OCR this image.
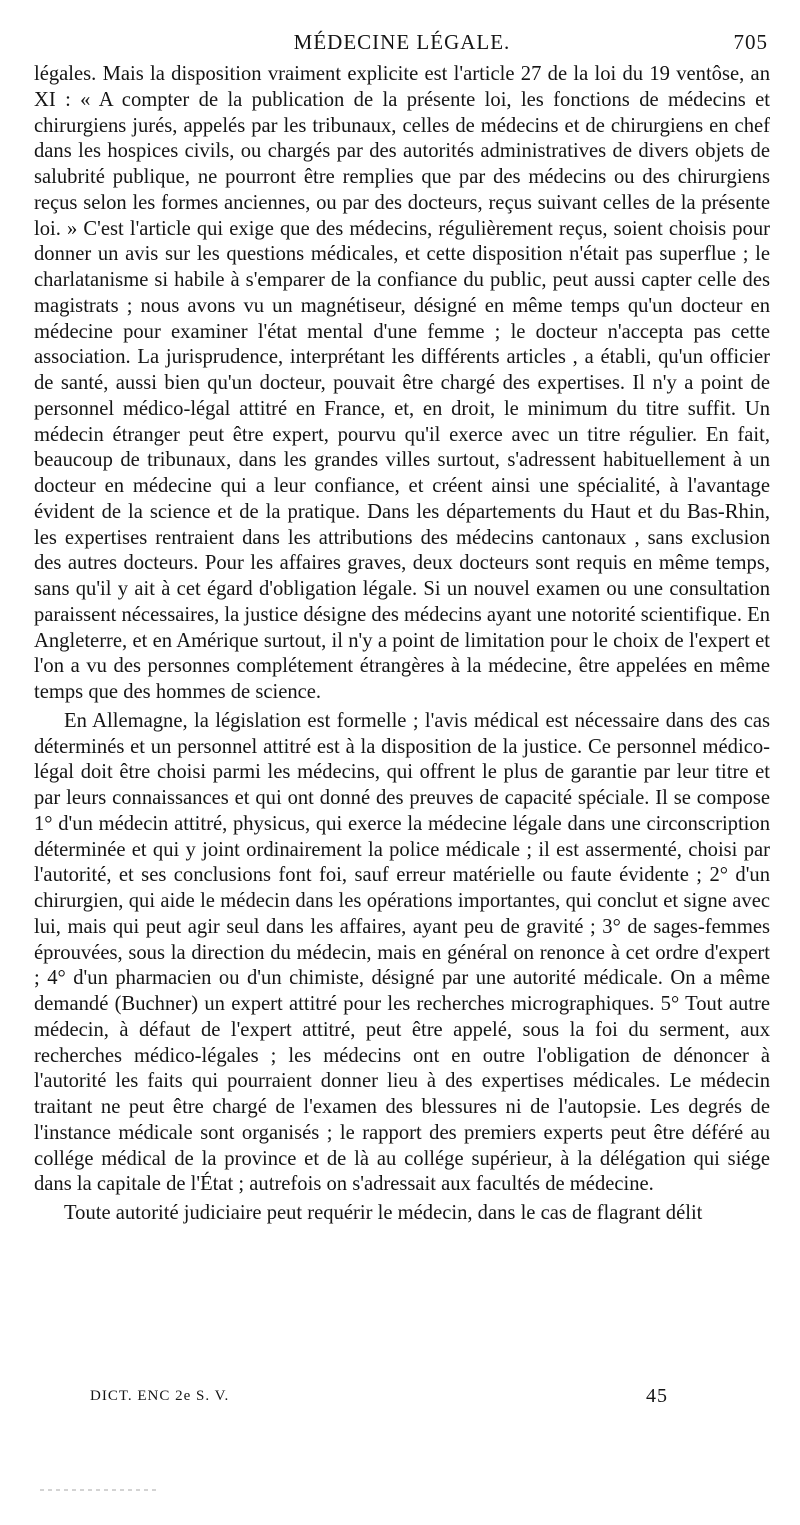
MÉDECINE LÉGALE.	705

légales. Mais la disposition vraiment explicite est l'article 27 de la loi du 19 ventôse, an XI : « A compter de la publication de la présente loi, les fonctions de médecins et chirurgiens jurés, appelés par les tribunaux, celles de médecins et de chirurgiens en chef dans les hospices civils, ou chargés par des autorités administratives de divers objets de salubrité publique, ne pourront être remplies que par des médecins ou des chirurgiens reçus selon les formes anciennes, ou par des docteurs, reçus suivant celles de la présente loi. » C'est l'article qui exige que des médecins, régulièrement reçus, soient choisis pour donner un avis sur les questions médicales, et cette disposition n'était pas superflue ; le charlatanisme si habile à s'emparer de la confiance du public, peut aussi capter celle des magistrats ; nous avons vu un magnétiseur, désigné en même temps qu'un docteur en médecine pour examiner l'état mental d'une femme ; le docteur n'accepta pas cette association. La jurisprudence, interprétant les différents articles , a établi, qu'un officier de santé, aussi bien qu'un docteur, pouvait être chargé des expertises. Il n'y a point de personnel médico-légal attitré en France, et, en droit, le minimum du titre suffit. Un médecin étranger peut être expert, pourvu qu'il exerce avec un titre régulier. En fait, beaucoup de tribunaux, dans les grandes villes surtout, s'adressent habituellement à un docteur en médecine qui a leur confiance, et créent ainsi une spécialité, à l'avantage évident de la science et de la pratique. Dans les départements du Haut et du Bas-Rhin, les expertises rentraient dans les attributions des médecins cantonaux , sans exclusion des autres docteurs. Pour les affaires graves, deux docteurs sont requis en même temps, sans qu'il y ait à cet égard d'obligation légale. Si un nouvel examen ou une consultation paraissent nécessaires, la justice désigne des médecins ayant une notorité scientifique. En Angleterre, et en Amérique surtout, il n'y a point de limitation pour le choix de l'expert et l'on a vu des personnes complétement étrangères à la médecine, être appelées en même temps que des hommes de science.

En Allemagne, la législation est formelle ; l'avis médical est nécessaire dans des cas déterminés et un personnel attitré est à la disposition de la justice. Ce personnel médico-légal doit être choisi parmi les médecins, qui offrent le plus de garantie par leur titre et par leurs connaissances et qui ont donné des preuves de capacité spéciale. Il se compose 1° d'un médecin attitré, physicus, qui exerce la médecine légale dans une circonscription déterminée et qui y joint ordinairement la police médicale ; il est assermenté, choisi par l'autorité, et ses conclusions font foi, sauf erreur matérielle ou faute évidente ; 2° d'un chirurgien, qui aide le médecin dans les opérations importantes, qui conclut et signe avec lui, mais qui peut agir seul dans les affaires, ayant peu de gravité ; 3° de sages-femmes éprouvées, sous la direction du médecin, mais en général on renonce à cet ordre d'expert ; 4° d'un pharmacien ou d'un chimiste, désigné par une autorité médicale. On a même demandé (Buchner) un expert attitré pour les recherches micrographiques. 5° Tout autre médecin, à défaut de l'expert attitré, peut être appelé, sous la foi du serment, aux recherches médico-légales ; les médecins ont en outre l'obligation de dénoncer à l'autorité les faits qui pourraient donner lieu à des expertises médicales. Le médecin traitant ne peut être chargé de l'examen des blessures ni de l'autopsie. Les degrés de l'instance médicale sont organisés ; le rapport des premiers experts peut être déféré au collége médical de la province et de là au collége supérieur, à la délégation qui siége dans la capitale de l'État ; autrefois on s'adressait aux facultés de médecine.

Toute autorité judiciaire peut requérir le médecin, dans le cas de flagrant délit

DICT. ENC 2e S. V.	45
